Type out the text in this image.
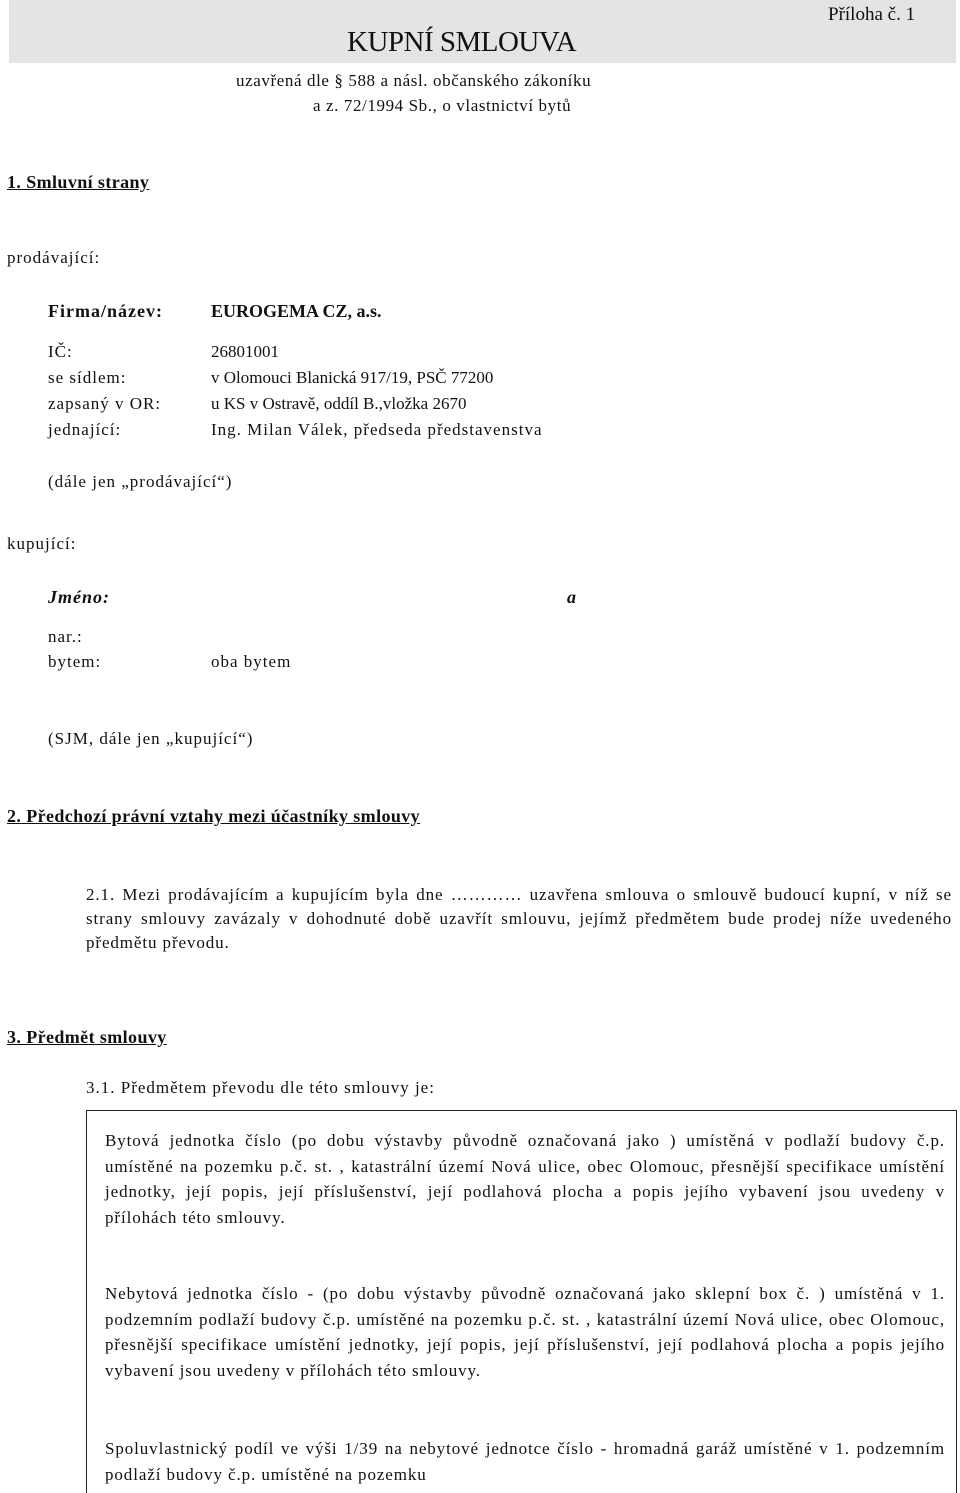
KUPNÍ SMLOUVA
Příloha č. 1
uzavřená dle § 588 a násl. občanského zákoníku
a z. 72/1994 Sb., o vlastnictví bytů
1. Smluvní strany
prodávající:
Firma/název:	EUROGEMA CZ, a.s.
IČ:	26801001
se sídlem:	v Olomouci Blanická 917/19, PSČ 77200
zapsaný v OR:	u KS v Ostravě, oddíl B.,vložka 2670
jednající:	Ing. Milan Válek, předseda představenstva
(dále jen „prodávající“)
kupující:
Jméno:	a
nar.:
bytem:	oba bytem
(SJM, dále jen „kupující“)
2. Předchozí právní vztahy mezi účastníky smlouvy
2.1. Mezi prodávajícím a kupujícím byla dne ………… uzavřena smlouva o smlouvě budoucí kupní, v níž se strany smlouvy zavázaly v dohodnuté době uzavřít smlouvu, jejímž předmětem bude prodej níže uvedeného předmětu převodu.
3. Předmět smlouvy
3.1. Předmětem převodu dle této smlouvy je:
Bytová jednotka číslo (po dobu výstavby původně označovaná jako ) umístěná v podlaží budovy č.p. umístěné na pozemku p.č. st. , katastrální území Nová ulice, obec Olomouc, přesnější specifikace umístění jednotky, její popis, její příslušenství, její podlahová plocha a popis jejího vybavení jsou uvedeny v přílohách této smlouvy.
Nebytová jednotka číslo - (po dobu výstavby původně označovaná jako sklepní box č. ) umístěná v 1. podzemním podlaží budovy č.p. umístěné na pozemku p.č. st. , katastrální území Nová ulice, obec Olomouc, přesnější specifikace umístění jednotky, její popis, její příslušenství, její podlahová plocha a popis jejího vybavení jsou uvedeny v přílohách této smlouvy.
Spoluvlastnický podíl ve výši 1/39 na nebytové jednotce číslo - hromadná garáž umístěné v 1. podzemním podlaží budovy č.p. umístěné na pozemku
